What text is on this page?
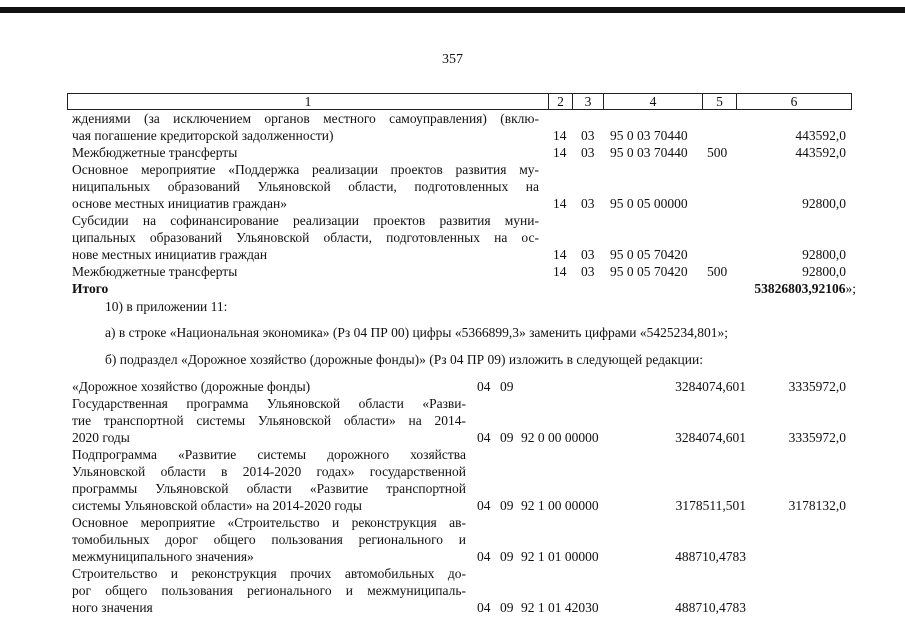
357
1	2	3	4	5	6
ждениями (за исключением органов местного самоуправления) (вклю-
чая погашение кредиторской задолженности)	14 03 95 0 03 70440	443592,0
Межбюджетные трансферты	14 03 95 0 03 70440 500	443592,0
Основное мероприятие «Поддержка реализации проектов развития му-
ниципальных образований Ульяновской области, подготовленных на
основе местных инициатив граждан»	14 03 95 0 05 00000	92800,0
Субсидии на софинансирование реализации проектов развития муни-
ципальных образований Ульяновской области, подготовленных на ос-
нове местных инициатив граждан	14 03 95 0 05 70420	92800,0
Межбюджетные трансферты	14 03 95 0 05 70420 500	92800,0
Итого	53826803,92106»;
10) в приложении 11:
а) в строке «Национальная экономика» (Рз 04 ПР 00) цифры «5366899,3» заменить цифрами «5425234,801»;
б) подраздел «Дорожное хозяйство (дорожные фонды)» (Рз 04 ПР 09) изложить в следующей редакции:
«Дорожное хозяйство (дорожные фонды)	04 09	3284074,601	3335972,0
Государственная программа Ульяновской области «Разви-
тие транспортной системы Ульяновской области» на 2014-
2020 годы	04 09 92 0 00 00000	3284074,601	3335972,0
Подпрограмма «Развитие системы дорожного хозяйства
Ульяновской области в 2014-2020 годах» государственной
программы Ульяновской области «Развитие транспортной
системы Ульяновской области» на 2014-2020 годы	04 09 92 1 00 00000	3178511,501	3178132,0
Основное мероприятие «Строительство и реконструкция ав-
томобильных дорог общего пользования регионального и
межмуниципального значения»	04 09 92 1 01 00000	488710,4783
Строительство и реконструкция прочих автомобильных до-
рог общего пользования регионального и межмуниципаль-
ного значения	04 09 92 1 01 42030	488710,4783
